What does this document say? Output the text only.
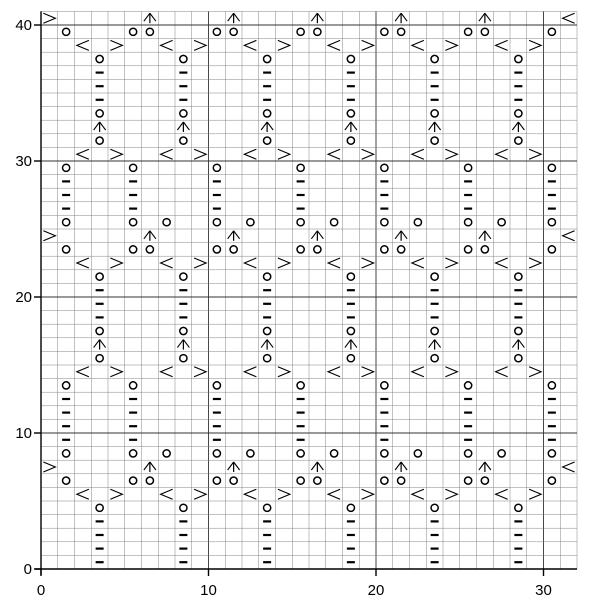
0	10	20	30
0
10
20
30
40
